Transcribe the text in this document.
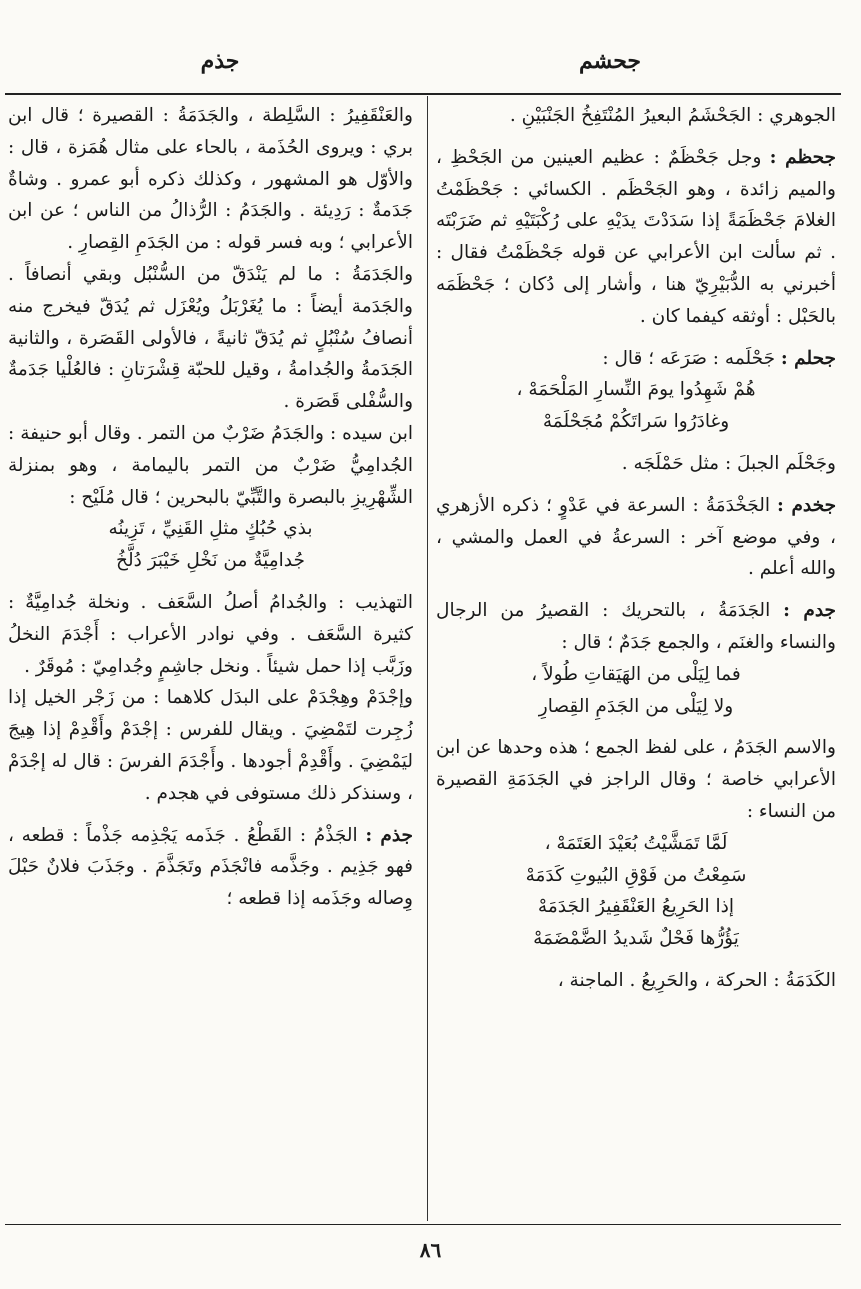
جحشم
جذم

الجوهري : الجَحْشَمُ البعيرُ المُنْتَفِخُ الجَنْبَيْنِ .

جحظم : وجل جَحْظَمٌ : عظيم العينين من الجَحْظِ ، والميم زائدة ، وهو الجَحْظَم . الكسائي : جَحْظَمْتُ الغلامَ جَحْظَمَةً إذا سَدَدْتَ يدَيْهِ على رُكْبَتَيْهِ ثم ضَرَبْتَه . ثم سألت ابن الأعرابي عن قوله جَحْظَمْتُ فقال : أخبرني به الدُّبَيْرِيّ هنا ، وأشار إلى دُكان ؛ جَحْظَمَه بالحَبْل : أوثقه كيفما كان .

جحلم : جَحْلَمه : صَرَعَه ؛ قال :

هُمْ شَهِدُوا يومَ النِّسارِ المَلْحَمَهْ ،

وغادَرُوا سَراتَكُمْ مُجَحْلَمَهْ

وجَحْلَم الجبلَ : مثل حَمْلَجَه .

جخدم : الجَخْدَمَةُ : السرعة في عَدْوٍ ؛ ذكره الأزهري ، وفي موضع آخر : السرعةُ في العمل والمشي ، والله أعلم .

جدم : الجَدَمَةُ ، بالتحريك : القصيرُ من الرجال والنساء والغنَم ، والجمع جَدَمٌ ؛ قال :

فما لِيَلْى من الهَيَقاتِ طُولاً ،

ولا لِيَلْى من الجَدَمِ القِصارِ

والاسم الجَدَمُ ، على لفظ الجمع ؛ هذه وحدها عن ابن الأعرابي خاصة ؛ وقال الراجز في الجَدَمَةِ القصيرة من النساء :

لَمَّا تَمَشَّيْتُ بُعَيْدَ العَتَمَهْ ،

سَمِعْتُ من فَوْقِ البُيوتِ كَدَمَهْ

إذا الحَرِيعُ العَنْقَفِيرُ الجَدَمَهْ

يَؤُرُّها فَحْلٌ شَديدُ الضَّمْضَمَهْ

الكَدَمَةُ : الحركة ، والحَرِيعُ . الماجنة ،

والعَنْقَفِيرُ : السَّلِطة ، والجَدَمَةُ : القصيرة ؛ قال ابن بري : ويروى الحُذَمة ، بالحاء على مثال هُمَزة ، قال : والأوّل هو المشهور ، وكذلك ذكره أبو عمرو . وشاةٌ جَدَمةٌ : رَدِيئة . والجَدَمُ : الرُّذالُ من الناس ؛ عن ابن الأعرابي ؛ وبه فسر قوله : من الجَدَمِ القِصارِ .

والجَدَمَةُ : ما لم يَنْدَقّ من السُّنْبُل وبقي أنصافاً . والجَدَمة أيضاً : ما يُغَرْبَلُ ويُعْزَل ثم يُدَقّ فيخرج منه أنصافُ سُنْبُلٍ ثم يُدَقّ ثانيةً ، فالأولى القَصَرة ، والثانية الجَدَمةُ والجُدامةُ ، وقيل للحبّة قِشْرَتانِ : فالعُلْيا جَدَمةٌ والسُّفْلى قَصَرة .

ابن سيده : والجَدَمُ ضَرْبٌ من التمر . وقال أبو حنيفة : الجُدامِيُّ ضَرْبٌ من التمر باليمامة ، وهو بمنزلة الشِّهْرِيزِ بالبصرة والتَّبِّيّ بالبحرين ؛ قال مُلَيْح :

بذي حُبُكٍ مثلِ القَنِيِّ ، تَزِينُه

جُدامِيَّةٌ من نَخْلِ خَيْبَرَ دُلَّخُ

التهذيب : والجُدامُ أصلُ السَّعَف . ونخلة جُدامِيَّةٌ : كثيرة السَّعَف . وفي نوادر الأعراب : أَجْدَمَ النخلُ وزَبَّب إذا حمل شيئاً . ونخل جاشِمٍ وجُدامِيّ : مُوقَرٌ .

وإجْدَمْ وهِجْدَمْ على البدَل كلاهما : من زَجْر الخيل إذا زُجِرت لتَمْضِيَ . ويقال للفرس : إجْدَمْ وأَقْدِمْ إذا هِيجَ ليَمْضِيَ . وأَقْدِمْ أجودها . وأَجْدَمَ الفرسَ : قال له إجْدَمْ ، وسنذكر ذلك مستوفى في هجدم .

جذم : الجَذْمُ : القَطْعُ . جَذَمه يَجْذِمه جَذْماً : قطعه ، فهو جَذِيم . وجَذَّمه فانْجَذَم وتَجَذَّمَ . وجَذَبَ فلانٌ حَبْلَ وِصاله وجَذَمه إذا قطعه ؛

٨٦
